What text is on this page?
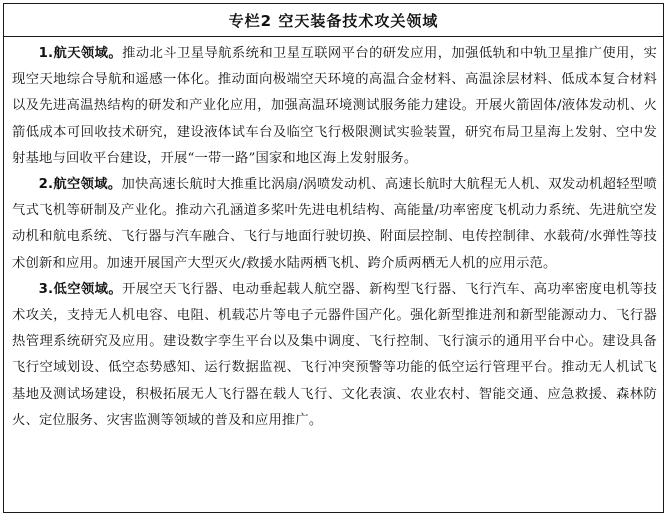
专栏2 空天装备技术攻关领域

1.航天领域。推动北斗卫星导航系统和卫星互联网平台的研发应用，加强低轨和中轨卫星推广使用，实现空天地综合导航和遥感一体化。推动面向极端空天环境的高温合金材料、高温涂层材料、低成本复合材料以及先进高温热结构的研发和产业化应用，加强高温环境测试服务能力建设。开展火箭固体/液体发动机、火箭低成本可回收技术研究，建设液体试车台及临空飞行极限测试实验装置，研究布局卫星海上发射、空中发射基地与回收平台建设，开展“一带一路”国家和地区海上发射服务。

2.航空领域。加快高速长航时大推重比涡扇/涡喷发动机、高速长航时大航程无人机、双发动机超轻型喷气式飞机等研制及产业化。推动六孔涵道多桨叶先进电机结构、高能量/功率密度飞机动力系统、先进航空发动机和航电系统、飞行器与汽车融合、飞行与地面行驶切换、附面层控制、电传控制律、水载荷/水弹性等技术创新和应用。加速开展国产大型灭火/救援水陆两栖飞机、跨介质两栖无人机的应用示范。

3.低空领域。开展空天飞行器、电动垂起载人航空器、新构型飞行器、飞行汽车、高功率密度电机等技术攻关，支持无人机电容、电阻、机载芯片等电子元器件国产化。强化新型推进剂和新型能源动力、飞行器热管理系统研究及应用。建设数字孪生平台以及集中调度、飞行控制、飞行演示的通用平台中心。建设具备飞行空域划设、低空态势感知、运行数据监视、飞行冲突预警等功能的低空运行管理平台。推动无人机试飞基地及测试场建设，积极拓展无人飞行器在载人飞行、文化表演、农业农村、智能交通、应急救援、森林防火、定位服务、灾害监测等领域的普及和应用推广。
